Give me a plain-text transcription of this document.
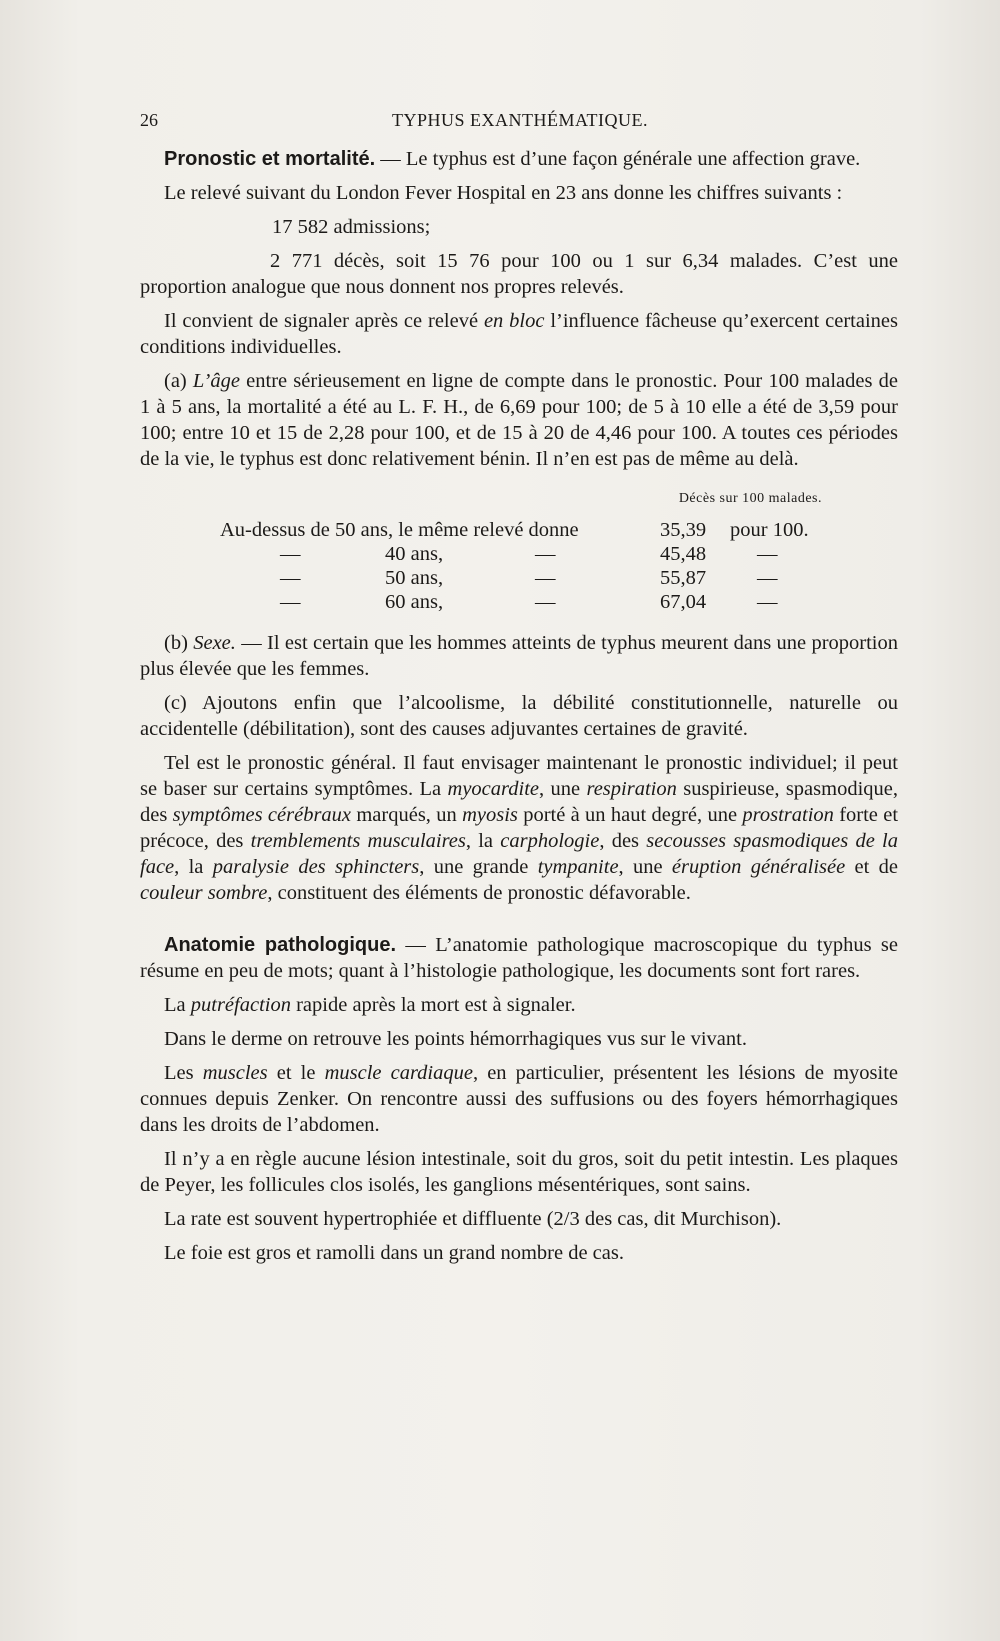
26	TYPHUS EXANTHÉMATIQUE.

Pronostic et mortalité. — Le typhus est d’une façon générale une affection grave.

Le relevé suivant du London Fever Hospital en 23 ans donne les chiffres suivants :

17 582 admissions;

2 771 décès, soit 15 76 pour 100 ou 1 sur 6,34 malades. C’est une proportion analogue que nous donnent nos propres relevés.

Il convient de signaler après ce relevé en bloc l’influence fâcheuse qu’exercent certaines conditions individuelles.

(a) L’âge entre sérieusement en ligne de compte dans le pronostic. Pour 100 malades de 1 à 5 ans, la mortalité a été au L. F. H., de 6,69 pour 100; de 5 à 10 elle a été de 3,59 pour 100; entre 10 et 15 de 2,28 pour 100, et de 15 à 20 de 4,46 pour 100. A toutes ces périodes de la vie, le typhus est donc relativement bénin. Il n’en est pas de même au delà.

Décès sur 100 malades.
Au-dessus de 50 ans, le même relevé donne	35,39 pour 100.
—	40 ans,	—	45,48 —
—	50 ans,	—	55,87 —
—	60 ans,	—	67,04 —

(b) Sexe. — Il est certain que les hommes atteints de typhus meurent dans une proportion plus élevée que les femmes.

(c) Ajoutons enfin que l’alcoolisme, la débilité constitutionnelle, naturelle ou accidentelle (débilitation), sont des causes adjuvantes certaines de gravité.

Tel est le pronostic général. Il faut envisager maintenant le pronostic individuel; il peut se baser sur certains symptômes. La myocardite, une respiration suspirieuse, spasmodique, des symptômes cérébraux marqués, un myosis porté à un haut degré, une prostration forte et précoce, des tremblements musculaires, la carphologie, des secousses spasmodiques de la face, la paralysie des sphincters, une grande tympanite, une éruption généralisée et de couleur sombre, constituent des éléments de pronostic défavorable.

Anatomie pathologique. — L’anatomie pathologique macroscopique du typhus se résume en peu de mots; quant à l’histologie pathologique, les documents sont fort rares.

La putréfaction rapide après la mort est à signaler.

Dans le derme on retrouve les points hémorrhagiques vus sur le vivant.

Les muscles et le muscle cardiaque, en particulier, présentent les lésions de myosite connues depuis Zenker. On rencontre aussi des suffusions ou des foyers hémorrhagiques dans les droits de l’abdomen.

Il n’y a en règle aucune lésion intestinale, soit du gros, soit du petit intestin. Les plaques de Peyer, les follicules clos isolés, les ganglions mésentériques, sont sains.

La rate est souvent hypertrophiée et diffluente (2/3 des cas, dit Murchison).

Le foie est gros et ramolli dans un grand nombre de cas.
